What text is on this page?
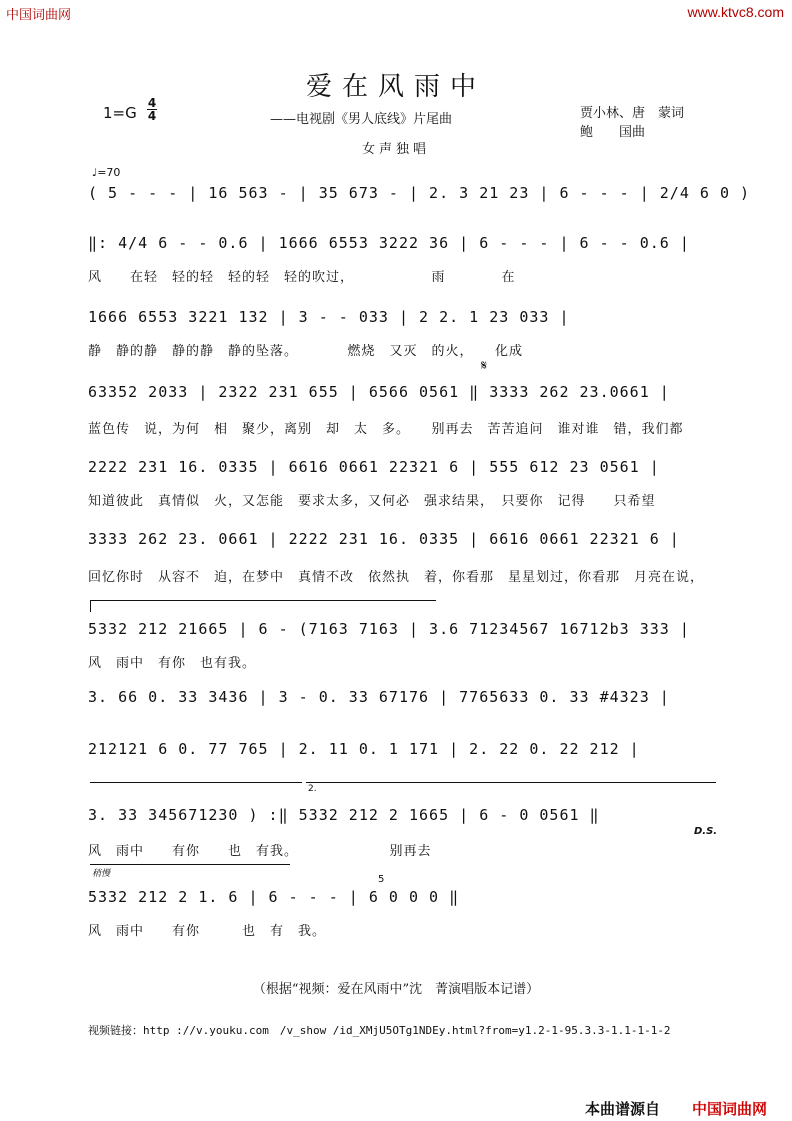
中国词曲网	www.ktvc8.com
爱在风雨中
1=G
4
4	——电视剧《男人底线》片尾曲	贾小林、唐　蒙词
鲍　　国曲
女声独唱
♩=70
( 5 - - - | 16 563 - | 35 673 - | 2. 3 21 23 | 6 - - - | 2/4 6 0 )
‖: 4/4 6 - - 0.6 | 1666 6553 3222 36 | 6 - - - | 6 - - 0.6 |
风　　在轻　轻的轻　轻的轻　轻的吹过，　　　　　　雨　　　　在
1666 6553 3221 132 | 3 - - 033 | 2 2. 1 23 033 |
静　静的静　静的静　静的坠落。　　　　燃烧　又灭　的火，　　化成
𝄋
63352 2033 | 2322 231 655 | 6566 0561 ‖ 3333 262 23.0661 |
蓝色传　说，为何　相　聚少，离别　却　太　多。　　别再去　苦苦追问　谁对谁　错，我们都
2222 231 16. 0335 | 6616 0661 22321 6 | 555 612 23 0561 |
知道彼此　真情似　火，又怎能　要求太多，又何必　强求结果，　只要你　记得　　只希望
3333 262 23. 0661 | 2222 231 16. 0335 | 6616 0661 22321 6 |
回忆你时　从容不　迫，在梦中　真情不改　依然执　着，你看那　星星划过，你看那　月亮在说，
5332 212 21665 | 6 - (7163 7163 | 3.6 71234567 16712b3 333 |
风　雨中　有你　也有我。
3. 66 0. 33 3436 | 3 - 0. 33 67176 | 7765633 0. 33 #4323 |
212121 6 0. 77 765 | 2. 11 0. 1 171 | 2. 22 0. 22 212 |
2.
3. 33 345671230 ) :‖ 5332 212 2 1665 | 6 - 0 0561 ‖
D.S.
风　雨中　　有你　　也　有我。　　　　　　　别再去
稍慢	5
5332 212 2 1. 6 | 6 - - - | 6 0 0 0 ‖
风　雨中　　有你　　　也　有　我。
（根据“视频：爱在风雨中”沈　菁演唱版本记谱）
视频链接：http ://v.youku.com　/v_show /id_XMjU5OTg1NDEy.html?from=y1.2-1-95.3.3-1.1-1-1-2
本曲谱源自 中国词曲网
